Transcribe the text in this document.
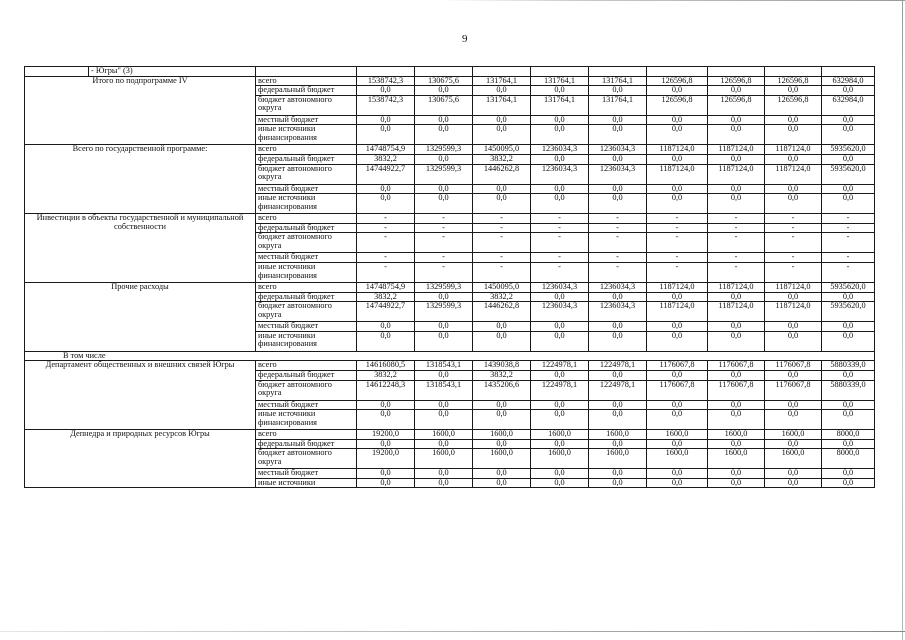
9
	- Югры" (3)										
Итого по подпрограмме IV		всего	1538742,3	130675,6	131764,1	131764,1	131764,1	126596,8	126596,8	126596,8	632984,0
		федеральный бюджет	0,0	0,0	0,0	0,0	0,0	0,0	0,0	0,0	0,0
		бюджет автономного округа	1538742,3	130675,6	131764,1	131764,1	131764,1	126596,8	126596,8	126596,8	632984,0
		местный бюджет	0,0	0,0	0,0	0,0	0,0	0,0	0,0	0,0	0,0
		иные источники финансирования	0,0	0,0	0,0	0,0	0,0	0,0	0,0	0,0	0,0
Всего по государственной программе:		всего	14748754,9	1329599,3	1450095,0	1236034,3	1236034,3	1187124,0	1187124,0	1187124,0	5935620,0
		федеральный бюджет	3832,2	0,0	3832,2	0,0	0,0	0,0	0,0	0,0	0,0
		бюджет автономного округа	14744922,7	1329599,3	1446262,8	1236034,3	1236034,3	1187124,0	1187124,0	1187124,0	5935620,0
		местный бюджет	0,0	0,0	0,0	0,0	0,0	0,0	0,0	0,0	0,0
		иные источники финансирования	0,0	0,0	0,0	0,0	0,0	0,0	0,0	0,0	0,0
Инвестиции в объекты государственной и муниципальной собственности		всего	-	-	-	-	-	-	-	-	-
		федеральный бюджет	-	-	-	-	-	-	-	-	-
		бюджет автономного округа	-	-	-	-	-	-	-	-	-
		местный бюджет	-	-	-	-	-	-	-	-	-
		иные источники финансирования	-	-	-	-	-	-	-	-	-
Прочие расходы		всего	14748754,9	1329599,3	1450095,0	1236034,3	1236034,3	1187124,0	1187124,0	1187124,0	5935620,0
		федеральный бюджет	3832,2	0,0	3832,2	0,0	0,0	0,0	0,0	0,0	0,0
		бюджет автономного округа	14744922,7	1329599,3	1446262,8	1236034,3	1236034,3	1187124,0	1187124,0	1187124,0	5935620,0
		местный бюджет	0,0	0,0	0,0	0,0	0,0	0,0	0,0	0,0	0,0
		иные источники финансирования	0,0	0,0	0,0	0,0	0,0	0,0	0,0	0,0	0,0
В том числе											
Департамент общественных и внешних связей Югры		всего	14616080,5	1318543,1	1439038,8	1224978,1	1224978,1	1176067,8	1176067,8	1176067,8	5880339,0
		федеральный бюджет	3832,2	0,0	3832,2	0,0	0,0	0,0	0,0	0,0	0,0
		бюджет автономного округа	14612248,3	1318543,1	1435206,6	1224978,1	1224978,1	1176067,8	1176067,8	1176067,8	5880339,0
		местный бюджет	0,0	0,0	0,0	0,0	0,0	0,0	0,0	0,0	0,0
		иные источники финансирования	0,0	0,0	0,0	0,0	0,0	0,0	0,0	0,0	0,0
Депнедра и природных ресурсов Югры		всего	19200,0	1600,0	1600,0	1600,0	1600,0	1600,0	1600,0	1600,0	8000,0
		федеральный бюджет	0,0	0,0	0,0	0,0	0,0	0,0	0,0	0,0	0,0
		бюджет автономного округа	19200,0	1600,0	1600,0	1600,0	1600,0	1600,0	1600,0	1600,0	8000,0
		местный бюджет	0,0	0,0	0,0	0,0	0,0	0,0	0,0	0,0	0,0
		иные источники	0,0	0,0	0,0	0,0	0,0	0,0	0,0	0,0	0,0
